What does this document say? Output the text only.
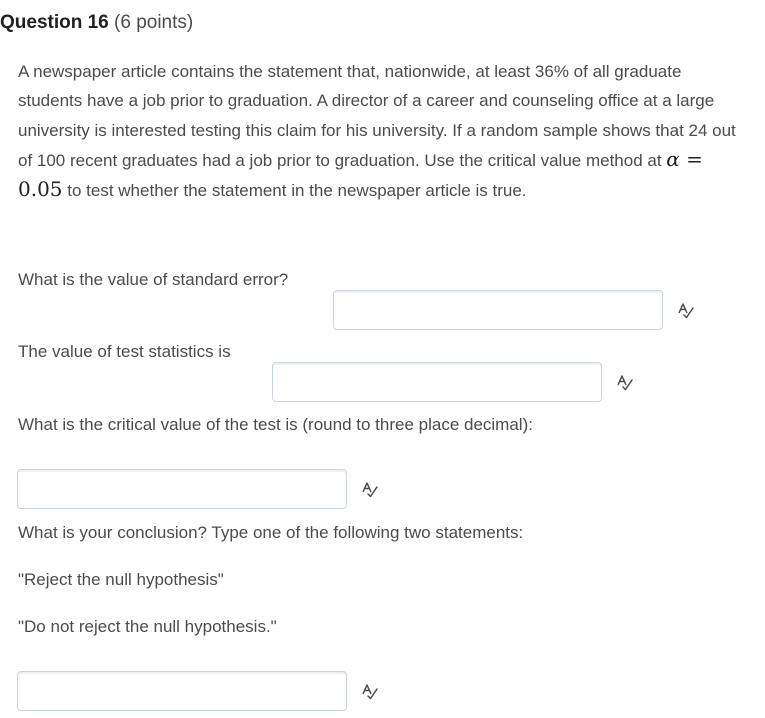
Question 16 (6 points)
A newspaper article contains the statement that, nationwide, at least 36% of all graduate students have a job prior to graduation. A director of a career and counseling office at a large university is interested testing this claim for his university. If a random sample shows that 24 out of 100 recent graduates had a job prior to graduation. Use the critical value method at α = 0.05 to test whether the statement in the newspaper article is true.
What is the value of standard error?
The value of test statistics is
What is the critical value of the test is (round to three place decimal):
What is your conclusion? Type one of the following two statements:
"Reject the null hypothesis"
"Do not reject the null hypothesis."
